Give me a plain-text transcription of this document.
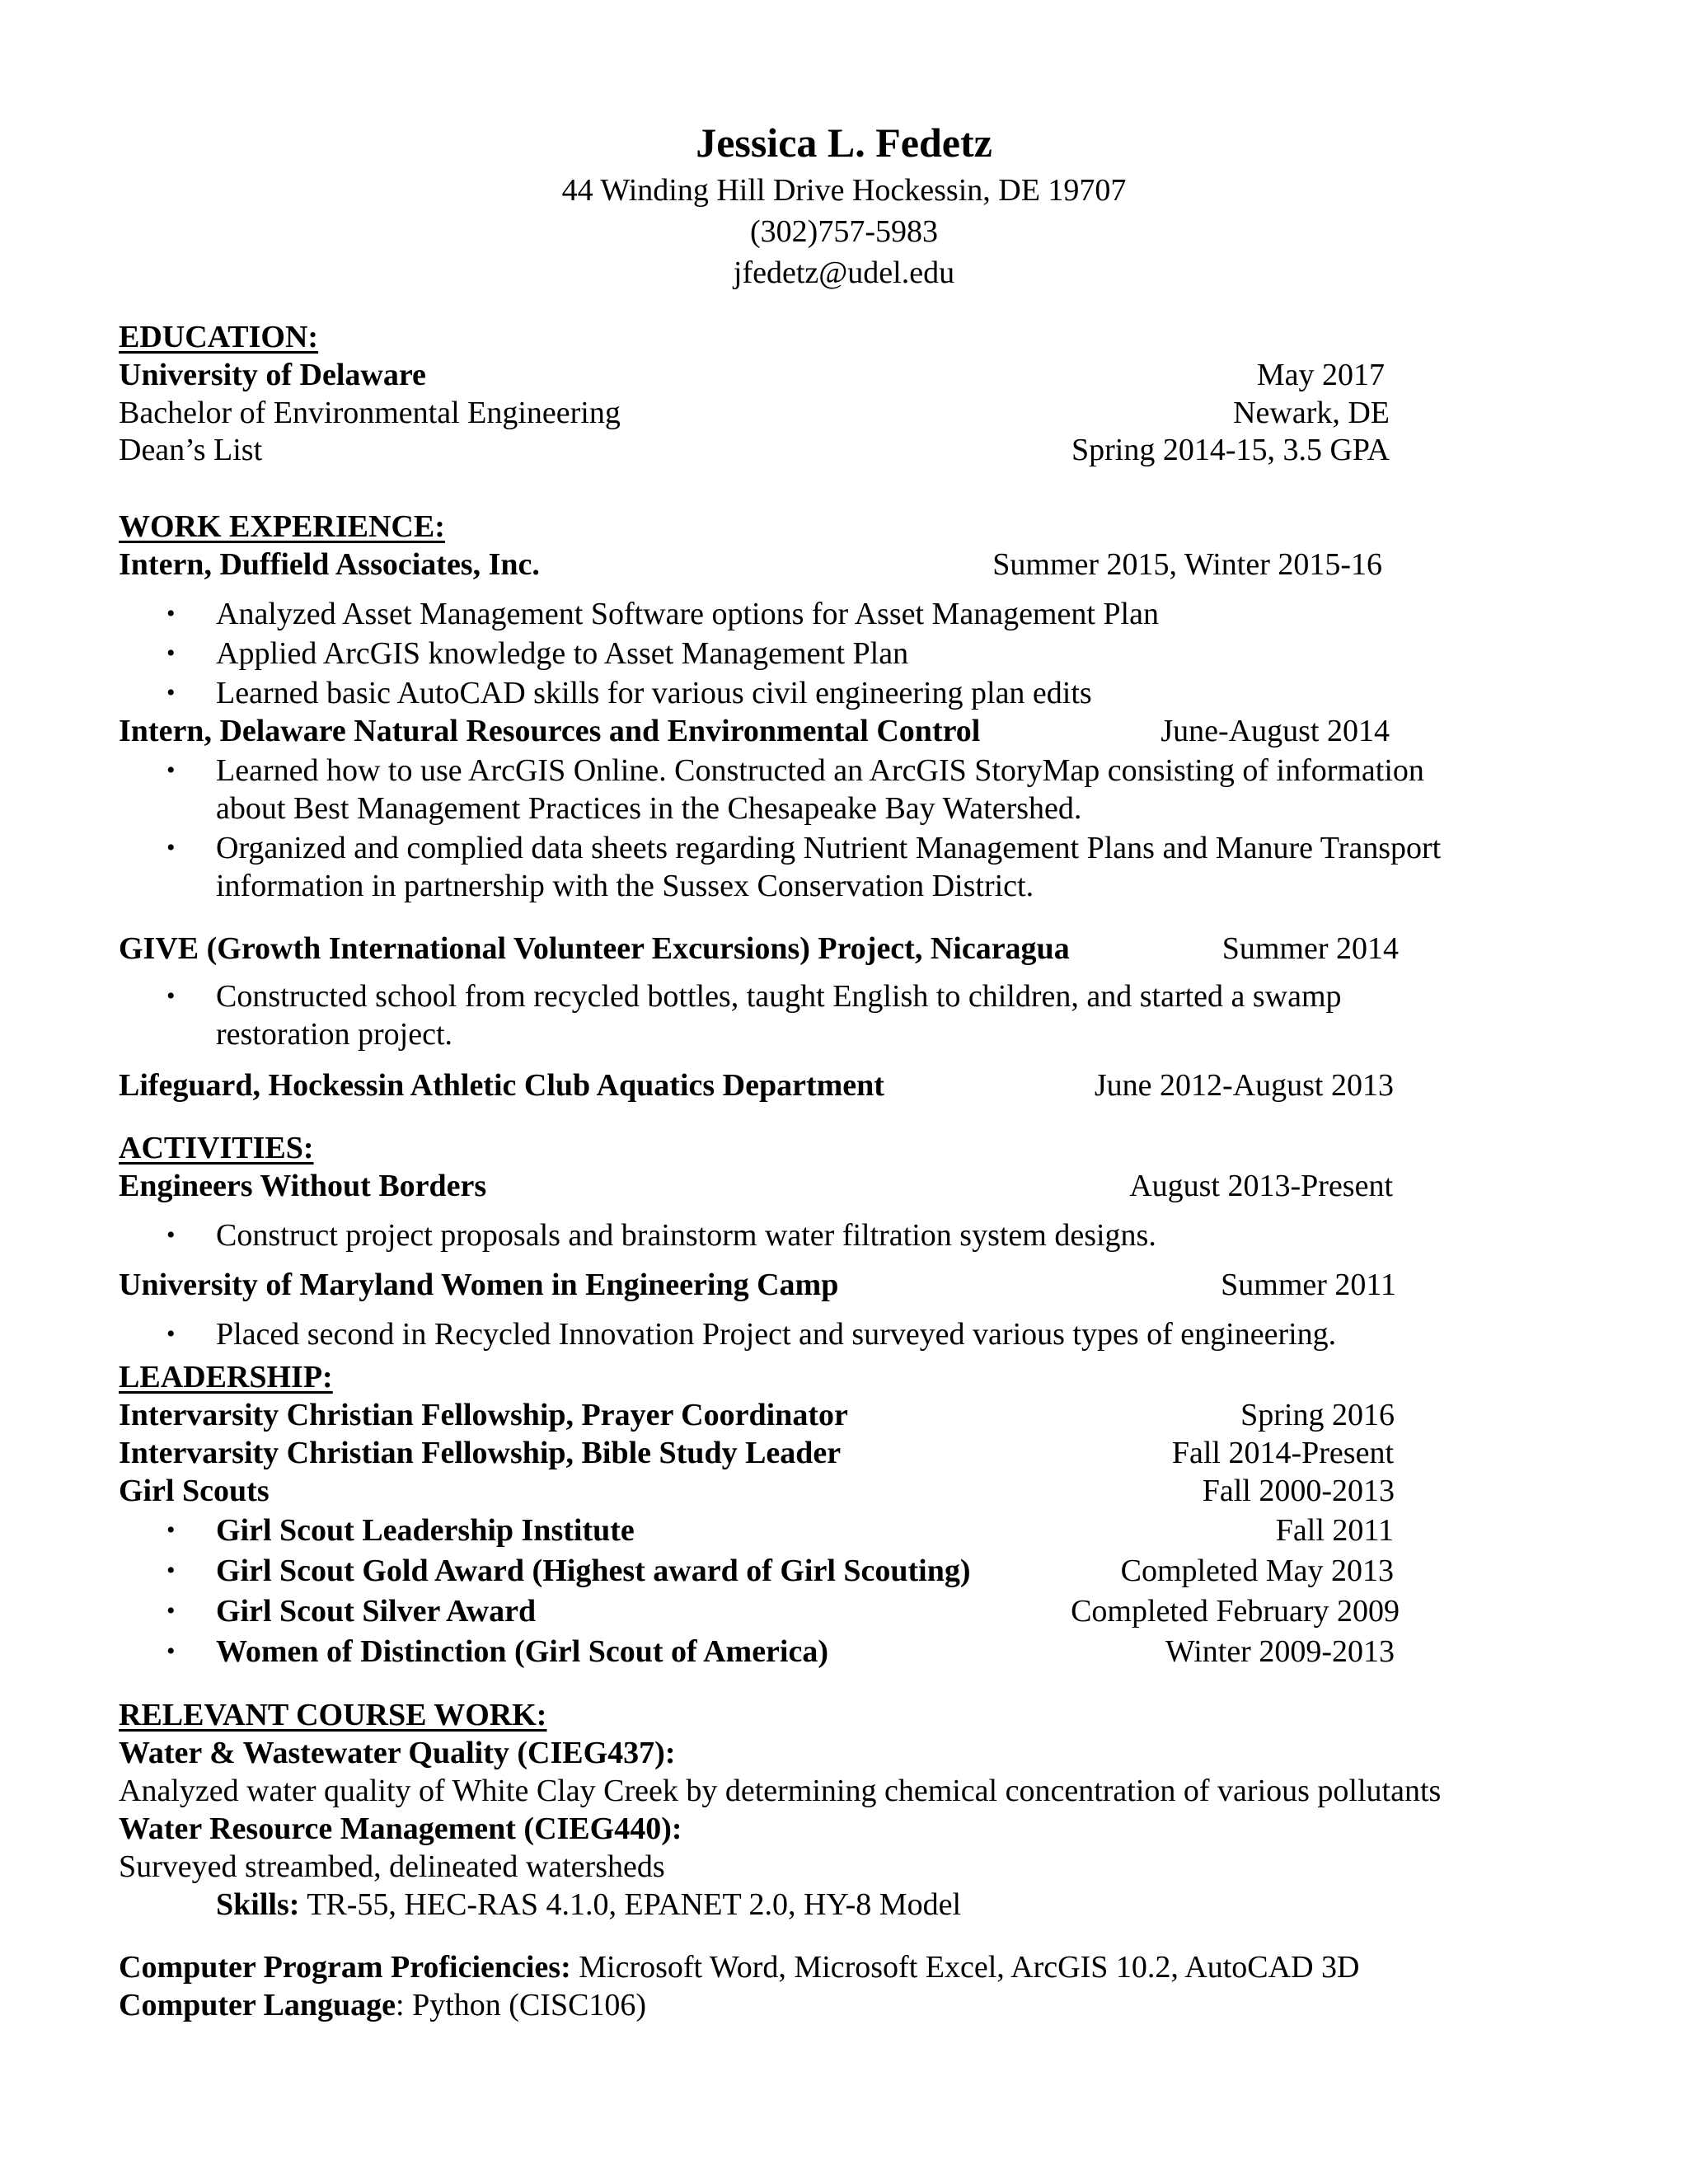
Jessica L. Fedetz
44 Winding Hill Drive Hockessin, DE 19707
(302)757-5983
jfedetz@udel.edu
EDUCATION:
University of Delaware	May 2017
Bachelor of Environmental Engineering	Newark, DE
Dean’s List	Spring 2014-15, 3.5 GPA
WORK EXPERIENCE:
Intern, Duffield Associates, Inc.	Summer 2015, Winter 2015-16
• Analyzed Asset Management Software options for Asset Management Plan
• Applied ArcGIS knowledge to Asset Management Plan
• Learned basic AutoCAD skills for various civil engineering plan edits
Intern, Delaware Natural Resources and Environmental Control	June-August 2014
• Learned how to use ArcGIS Online. Constructed an ArcGIS StoryMap consisting of information
about Best Management Practices in the Chesapeake Bay Watershed.
• Organized and complied data sheets regarding Nutrient Management Plans and Manure Transport
information in partnership with the Sussex Conservation District.
GIVE (Growth International Volunteer Excursions) Project, Nicaragua	Summer 2014
• Constructed school from recycled bottles, taught English to children, and started a swamp
restoration project.
Lifeguard, Hockessin Athletic Club Aquatics Department	June 2012-August 2013
ACTIVITIES:
Engineers Without Borders	August 2013-Present
• Construct project proposals and brainstorm water filtration system designs.
University of Maryland Women in Engineering Camp	Summer 2011
• Placed second in Recycled Innovation Project and surveyed various types of engineering.
LEADERSHIP:
Intervarsity Christian Fellowship, Prayer Coordinator	Spring 2016
Intervarsity Christian Fellowship, Bible Study Leader	Fall 2014-Present
Girl Scouts	Fall 2000-2013
• Girl Scout Leadership Institute	Fall 2011
• Girl Scout Gold Award (Highest award of Girl Scouting)	Completed May 2013
• Girl Scout Silver Award	Completed February 2009
• Women of Distinction (Girl Scout of America)	Winter 2009-2013
RELEVANT COURSE WORK:
Water & Wastewater Quality (CIEG437):
Analyzed water quality of White Clay Creek by determining chemical concentration of various pollutants
Water Resource Management (CIEG440):
Surveyed streambed, delineated watersheds
Skills: TR-55, HEC-RAS 4.1.0, EPANET 2.0, HY-8 Model
Computer Program Proficiencies: Microsoft Word, Microsoft Excel, ArcGIS 10.2, AutoCAD 3D
Computer Language: Python (CISC106)
